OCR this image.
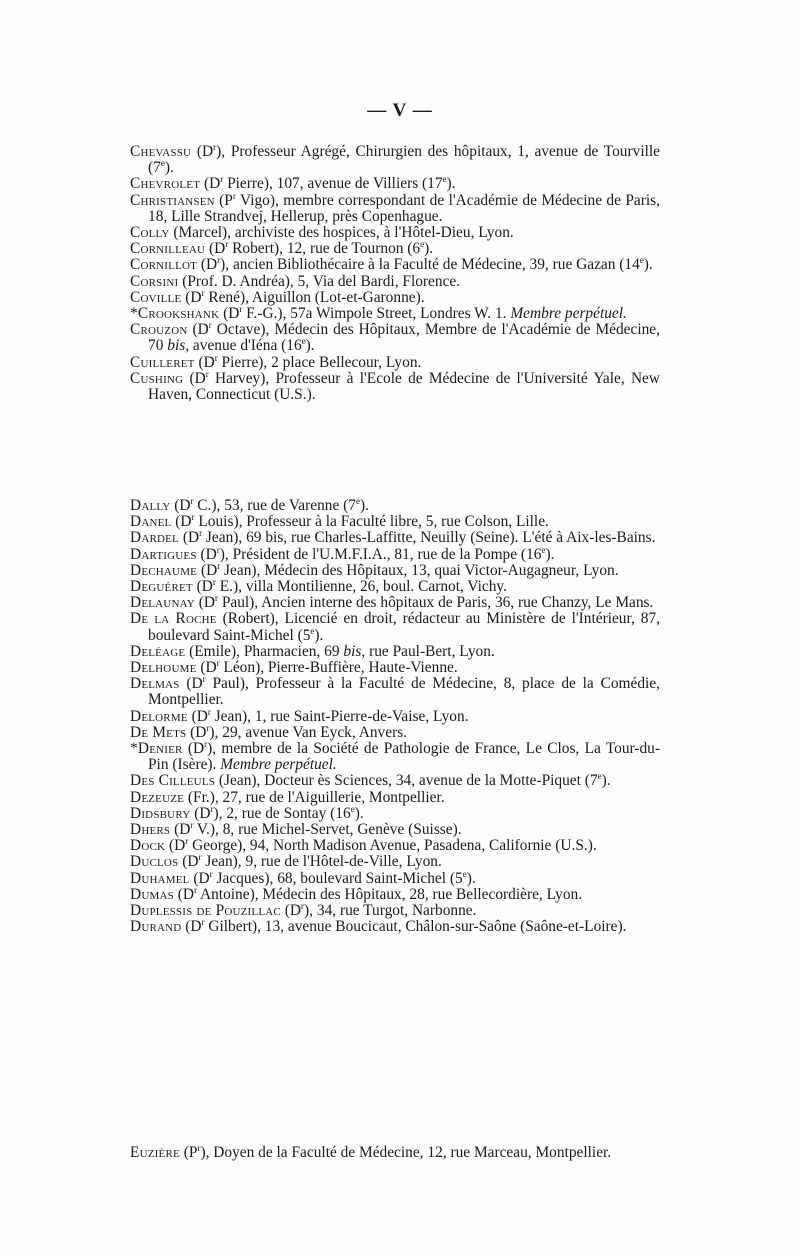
— V —

Chevassu $(D^r)$, Professeur Agrégé, Chirurgien des hôpitaux, 1, avenue de Tourville (7e).

Chevrolet ($D^r$ Pierre), 107, avenue de Villiers (17e).

Christiansen ($P^r$ Vigo), membre correspondant de l'Académie de Médecine de Paris, 18, Lille Strandvej, Hellerup, près Copenhague.

Colly (Marcel), archiviste des hospices, à l'Hôtel-Dieu, Lyon.

Cornilleau ($D^r$ Robert), 12, rue de Tournon (6e).

Cornillot $(D^r)$, ancien Bibliothécaire à la Faculté de Médecine, 39, rue Gazan (14e).

Corsini (Prof. D. Andréa), 5, Via del Bardi, Florence.

Coville ($D^r$ René), Aiguillon (Lot-et-Garonne).

*Crookshank ($D^r$ F.-G.), 57a Wimpole Street, Londres W. 1. Membre perpétuel.

Crouzon ($D^r$ Octave), Médecin des Hôpitaux, Membre de l'Académie de Médecine, 70 bis, avenue d'Iéna (16e).

Cuilleret ($D^r$ Pierre), 2 place Bellecour, Lyon.

Cushing ($D^r$ Harvey), Professeur à l'Ecole de Médecine de l'Université Yale, New Haven, Connecticut (U.S.).

Dally ($D^r$ C.), 53, rue de Varenne (7e).

Danel ($D^r$ Louis), Professeur à la Faculté libre, 5, rue Colson, Lille.

Dardel ($D^r$ Jean), 69 bis, rue Charles-Laffitte, Neuilly (Seine). L'été à Aix-les-Bains.

Dartigues $(D^r)$, Président de l'U.M.F.I.A., 81, rue de la Pompe (16e).

Dechaume ($D^r$ Jean), Médecin des Hôpitaux, 13, quai Victor-Augagneur, Lyon.

Deguéret ($D^r$ E.), villa Montilienne, 26, boul. Carnot, Vichy.

Delaunay ($D^r$ Paul), Ancien interne des hôpitaux de Paris, 36, rue Chanzy, Le Mans.

De la Roche (Robert), Licencié en droit, rédacteur au Ministère de l'Intérieur, 87, boulevard Saint-Michel (5e).

Deléage (Emile), Pharmacien, 69 bis, rue Paul-Bert, Lyon.

Delhoume ($D^r$ Léon), Pierre-Buffière, Haute-Vienne.

Delmas ($D^r$ Paul), Professeur à la Faculté de Médecine, 8, place de la Comédie, Montpellier.

Delorme ($D^r$ Jean), 1, rue Saint-Pierre-de-Vaise, Lyon.

De Mets $(D^r)$, 29, avenue Van Eyck, Anvers.

*Denier $(D^r)$, membre de la Société de Pathologie de France, Le Clos, La Tour-du-Pin (Isère). Membre perpétuel.

Des Cilleuls (Jean), Docteur ès Sciences, 34, avenue de la Motte-Piquet (7e).

Dezeuze (Fr.), 27, rue de l'Aiguillerie, Montpellier.

Didsbury $(D^r)$, 2, rue de Sontay (16e).

Dhers ($D^r$ V.), 8, rue Michel-Servet, Genève (Suisse).

Dock ($D^r$ George), 94, North Madison Avenue, Pasadena, Californie (U.S.).

Duclos ($D^r$ Jean), 9, rue de l'Hôtel-de-Ville, Lyon.

Duhamel ($D^r$ Jacques), 68, boulevard Saint-Michel (5e).

Dumas ($D^r$ Antoine), Médecin des Hôpitaux, 28, rue Bellecordière, Lyon.

Duplessis de Pouzillac $(D^r)$, 34, rue Turgot, Narbonne.

Durand ($D^r$ Gilbert), 13, avenue Boucicaut, Châlon-sur-Saône (Saône-et-Loire).

Euzière $(P^r)$, Doyen de la Faculté de Médecine, 12, rue Marceau, Montpellier.
